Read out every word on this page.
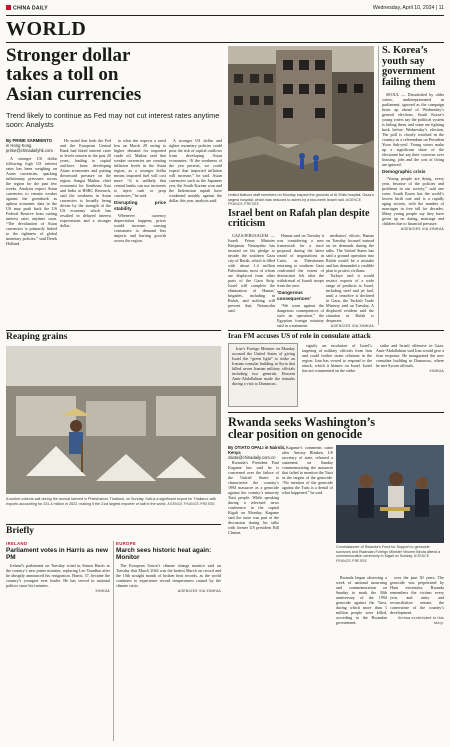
CHINA DAILY	Wednesday, April 10, 2024 | 11
WORLD
Stronger dollar
takes a toll on
Asian currencies
Trend likely to continue as Fed may not cut interest rates anytime soon: Analysts
By PRIME SARMIENTO
in Hong Kong
prime@chinadailyhk.com

A stronger US dollar following high US interest rates has been weighing on Asian currencies, sparking inflationary pressures across the region for the past few weeks. Analysts expect Asian currencies to remain weaker against the greenback as upbeat economic data in the US may push back the US Federal Reserve from cutting interest rates anytime soon. “The devaluation of Asian currencies is primarily linked to the tightness of global monetary policies,” said Derek Holland.

He noted that both the Fed and the European Central Bank had hiked interest rates to levels unseen in the past 20 years, leading to capital outflows from developing Asian economies and putting downward pressure on the region. Sangat Mathur, chief economist for Southeast Asia and India at HSBC Research, said the weakness in Asian currencies is broadly being driven by the strength of the US economy which has resulted in delayed interest expectations and a stronger dollar.

to what she expects a rated less on March 29 owing to higher demand for imported crude oil. Mathur said that weaker currencies are creating inflation levels in the Asian region, as a stronger dollar means imported fuel will cost more. “It is unlikely that central banks can use increases to inject cash or prop currencies,” he said.

Disrupting price stability

Whenever currency depreciation happens, prices would increase, causing consumers to demand less imports and hurting growth across the region.

A stronger US dollar and tighter monetary policies could pose the risk of capital outflows from developing Asian economies. “If the weakness of the yen persists, we could expect that imported inflation will increase,” he said. Asian currencies such as the Japanese yen, the South Korean won and the Indonesian rupiah have weakened notably against the dollar this year, analysts said.

United Nations staff members on Monday inspect the grounds of Al Shifa hospital, Gaza’s largest hospital, which was reduced to ashes by a two-week Israeli raid. AGENCE FRANCE-PRESSE
Israel bent on Rafah plan despite criticism

GAZA/JERUSALEM — Israeli Prime Minister Benjamin Netanyahu has insisted on his pledge to invade the southern Gaza city of Rafah, which is filled with about 1.4 million Palestinians, most of whom are displaced from other parts of the Gaza Strip. Israel will complete the elimination of Hamas’ brigades, including in Rafah, and nothing will prevent that, Netanyahu said.

Hamas said on Tuesday it was considering a new framework for a truce proposal during the latest round of negotiations in Cairo, as Palestinians returning to southern Gaza confronted the extent of destruction left after the withdrawal of Israeli troops from the area.

‘Dangerous consequences’

“We warn against the dangerous consequences of such an operation,” the Egyptian foreign ministry said in a statement.

mediators’ efforts, Hamas on Tuesday focused instead on its demands during the talks. The United States has said a ground operation into Rafah would be a mistake and has demanded a credible plan to protect civilians.

Turkiye said it would restrict exports of a wide range of products to Israel, including steel and jet fuel, until a ceasefire is declared in Gaza, the Turkish Trade Ministry said on Tuesday. A displaced resident said the situation in Rafah is desperate.

AGENCIES VIA XINHUA
S. Korea’s
youth say
government
failing them

SEOUL — Dissatisfied by older voters, underrepresented in parliament, ignored as the campaign heats up ahead of Wednesday’s general elections, South Korea’s young voters say the political system is failing them, and some are fighting back before Wednesday’s election. The poll is closely watched in the country as a referendum on President Yoon Suk-yeol. Young voters make up a significant share of the electorate but say their concerns over housing, jobs and the cost of living are ignored.

Demographic crisis

“Young people are dying, every year, because of the policies and problems in our society,” said one voter. South Korea has the world’s lowest birth rate and is a rapidly aging society, with the number of marriages in free fall for decades. Many young people say they have given up on dating, marriage and children due to financial pressure.

AGENCIES VIA XINHUA
Reaping grains
A worker collects salt during the annual harvest in Phetchaburi, Thailand, on Sunday. Salt is a significant export for Thailand, with exports accounting for 331.4 million in 2022, making it the 21st largest exporter of salt in the world. AGENCE FRANCE-PRESSE
Briefly
IRELAND
Parliament votes in Harris as new PM

Ireland’s parliament on Tuesday voted in Simon Harris as the country’s new prime minister, replacing Leo Varadkar after he abruptly announced his resignation. Harris, 37, became the country’s youngest ever leader. He has served in national politics since his twenties.

XINHUA
EUROPE
March sees historic heat again: Monitor

The European Union’s climate change monitor said on Tuesday that March 2024 was the hottest March on record and the 10th straight month of broken heat records, as the world continues to experience record temperatures caused by the climate crisis.

AGENCIES VIA XINHUA
Iran FM accuses US of role in consulate attack

Iran’s Foreign Minister on Monday accused the United States of giving Israel the “green light” to strike an Iranian consular building in Syria that killed seven Iranian military officials including two generals. Hossein Amir-Abdollahian made the remarks during a visit to Damascus.

signify an escalation of Israel’s targeting of military officials from Iran and could further strain relations in the region. Iran has vowed to respond to the attack, which it blames on Israel. Israel has not commented on the strike.

strike and Israeli offensive in Gaza. Amir-Abdollahian said Iran would give a firm response. He inaugurated the new consulate building in Damascus, where he met Syrian officials.

XINHUA
Rwanda seeks Washington’s
clear position on genocide
By OTIATO OPALI in Nairobi, Kenya
otiato@chinadaily.com.cn

Rwanda’s President Paul Kagame has said he is concerned over the failure of the United States to characterise the country’s 1994 massacre as a genocide against the country’s minority Tutsi people. While speaking during a televised news conference in the capital Kigali on Monday, Kagame said the issue was part of the discussion during his talks with former US president Bill Clinton.

Kagame’s comments came after Antony Blinken, US secretary of state, released a statement on Sunday commemorating the massacre that failed to mention the Tutsi as the targets of the genocide. “No mention of the genocide against the Tutsi is a denial of what happened,” he said.

Commissioner of Rwanda’s Fund for Support to genocide survivors and Rwandan Foreign Minister Vincent Biruta attend a commemoration ceremony in Kigali on Sunday. AGENCE FRANCE-PRESSE

Rwanda began observing a week of national mourning and commemoration on Sunday to mark the 30th anniversary of the 1994 genocide against the Tutsi, during which more than 1 million people were killed, according to the Rwandan government.

over the past 30 years. The genocide was perpetrated by Hutu extremists. Rwanda remembers the victims every year, and unity and reconciliation remain the cornerstone of the country’s development.

Xinhua contributed to this story.
